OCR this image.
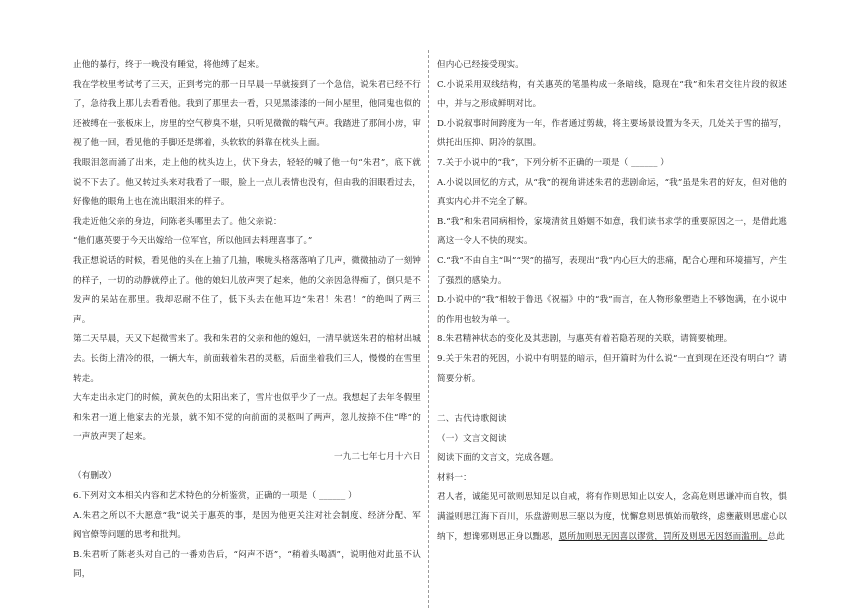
止他的暴行，终于一晚没有睡觉，将他缚了起来。

我在学校里考试考了三天，正到考完的那一日早晨一早就接到了一个急信，说朱君已经不行了，急待我上那儿去看看他。我到了那里去一看，只见黑漆漆的一间小屋里，他同鬼也似的还被缚在一张板床上，房里的空气秽臭不堪，只听见微微的喘气声。我踏进了那间小房，审视了他一回，看见他的手脚还是绑着，头软软的斜靠在枕头上面。

我眼泪忽而涌了出来，走上他的枕头边上，伏下身去，轻轻的喊了他一句“朱君”，底下就说不下去了。他又转过头来对我看了一眼，脸上一点儿表情也没有，但由我的泪眼看过去，好像他的眼角上也在流出眼泪来的样子。

我走近他父亲的身边，问陈老头哪里去了。他父亲说：

“他们惠英要于今天出嫁给一位军官，所以他回去料理喜事了。”

我正想说话的时候，看见他的头在上抽了几抽，喉咙头格落落响了几声，微微抽动了一刻钟的样子，一切的动静就停止了。他的娘妇儿放声哭了起来，他的父亲因急得痴了，倒只是不发声的呆站在那里。我却忍耐不住了，低下头去在他耳边“朱君！朱君！”的绝叫了两三声。

第二天早晨，天又下起微雪来了。我和朱君的父亲和他的媳妇，一清早就送朱君的棺材出城去。长街上清冷的很，一辆大车，前面载着朱君的灵柩，后面坐着我们三人，慢慢的在雪里转走。

大车走出永定门的时候，黄灰色的太阳出来了，雪片也似乎少了一点。我想起了去年冬假里和朱君一道上他家去的光景，就不知不觉的向前面的灵柩叫了两声，忽儿按捺不住“哗”的一声放声哭了起来。

一九二七年七月十六日

（有删改）

6.下列对文本相关内容和艺术特色的分析鉴赏，正确的一项是（ ______ ）

A.朱君之所以不大愿意“我”说关于惠英的事，是因为他更关注对社会制度、经济分配、军阀官僚等问题的思考和批判。

B.朱君听了陈老头对自己的一番劝告后，“闷声不语”，“稍着头喝酒”，说明他对此虽不认同，

但内心已经接受现实。

C.小说采用双线结构，有关惠英的笔墨构成一条暗线，隐现在“我”和朱君交往片段的叙述中，并与之形成鲜明对比。

D.小说叙事时间跨度为一年，作者通过剪裁，将主要场景设置为冬天，几处关于雪的描写，烘托出压抑、阴冷的氛围。

7.关于小说中的“我”，下列分析不正确的一项是（ ______ ）

A.小说以回忆的方式，从“我”的视角讲述朱君的悲剧命运，“我”虽是朱君的好友，但对他的真实内心并不完全了解。

B.“我”和朱君同病相怜，家境清贫且婚姻不如意，我们读书求学的重要原因之一，是借此逃离这一令人不快的现实。

C.“我”不由自主“叫”“哭”的描写，表现出“我”内心巨大的悲痛，配合心理和环境描写，产生了强烈的感染力。

D.小说中的“我”相较于鲁迅《祝福》中的“我”而言，在人物形象塑造上不够饱满，在小说中的作用也较为单一。

8.朱君精神状态的变化及其悲剧，与惠英有着若隐若现的关联，请简要梳理。

9.关于朱君的死因，小说中有明显的暗示，但开篇时为什么说“一直到现在还没有明白”？请简要分析。

二、古代诗歌阅读

（一）文言文阅读

阅读下面的文言文，完成各题。

材料一：

君人者，诚能见可欲则思知足以自戒，将有作则思知止以安人，念高危则思谦冲而自牧，惧满溢则思江海下百川，乐盘游则思三驱以为度，忧懈怠则思慎始而敬终，虑壅蔽则思虚心以纳下，想谗邪则思正身以黜恶，恩所加则思无因喜以谬赏，罚所及则思无因怒而滥刑。总此
